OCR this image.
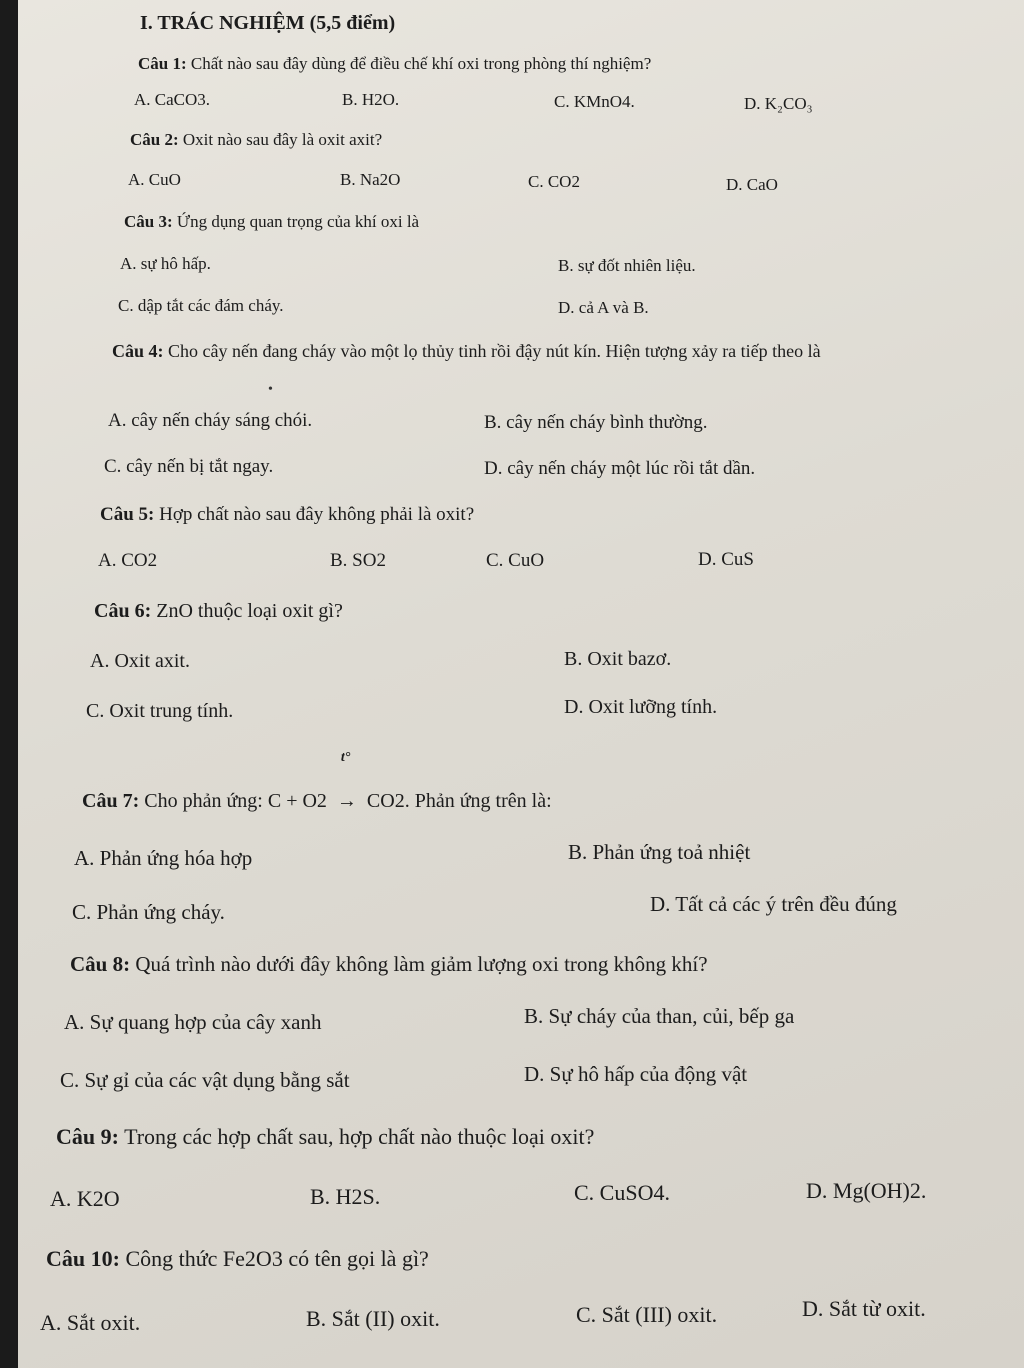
I. TRÁC NGHIỆM (5,5 điểm)
Câu 1: Chất nào sau đây dùng để điều chế khí oxi trong phòng thí nghiệm?
A. CaCO3.	B. H2O.	C. KMnO4.	D. K₂CO₃
Câu 2: Oxit nào sau đây là oxit axit?
A. CuO	B. Na2O	C. CO2	D. CaO
Câu 3: Ứng dụng quan trọng của khí oxi là
A. sự hô hấp.	B. sự đốt nhiên liệu.
C. dập tắt các đám cháy.	D. cả A và B.
Câu 4: Cho cây nến đang cháy vào một lọ thủy tinh rồi đậy nút kín. Hiện tượng xảy ra tiếp theo là
•
A. cây nến cháy sáng chói.	B. cây nến cháy bình thường.
C. cây nến bị tắt ngay.	D. cây nến cháy một lúc rồi tắt dần.
Câu 5: Hợp chất nào sau đây không phải là oxit?
A. CO2	B. SO2	C. CuO	D. CuS
Câu 6: ZnO thuộc loại oxit gì?
A. Oxit axit.	B. Oxit bazơ.
C. Oxit trung tính.	D. Oxit lưỡng tính.
Câu 7: Cho phản ứng: C + O2
t°
→ CO2. Phản ứng trên là:
A. Phản ứng hóa hợp	B. Phản ứng toả nhiệt
C. Phản ứng cháy.	D. Tất cả các ý trên đều đúng
Câu 8: Quá trình nào dưới đây không làm giảm lượng oxi trong không khí?
A. Sự quang hợp của cây xanh	B. Sự cháy của than, củi, bếp ga
C. Sự gỉ của các vật dụng bằng sắt	D. Sự hô hấp của động vật
Câu 9: Trong các hợp chất sau, hợp chất nào thuộc loại oxit?
A. K2O	B. H2S.	C. CuSO4.	D. Mg(OH)2.
Câu 10: Công thức Fe2O3 có tên gọi là gì?
A. Sắt oxit.	B. Sắt (II) oxit.	C. Sắt (III) oxit.	D. Sắt từ oxit.
